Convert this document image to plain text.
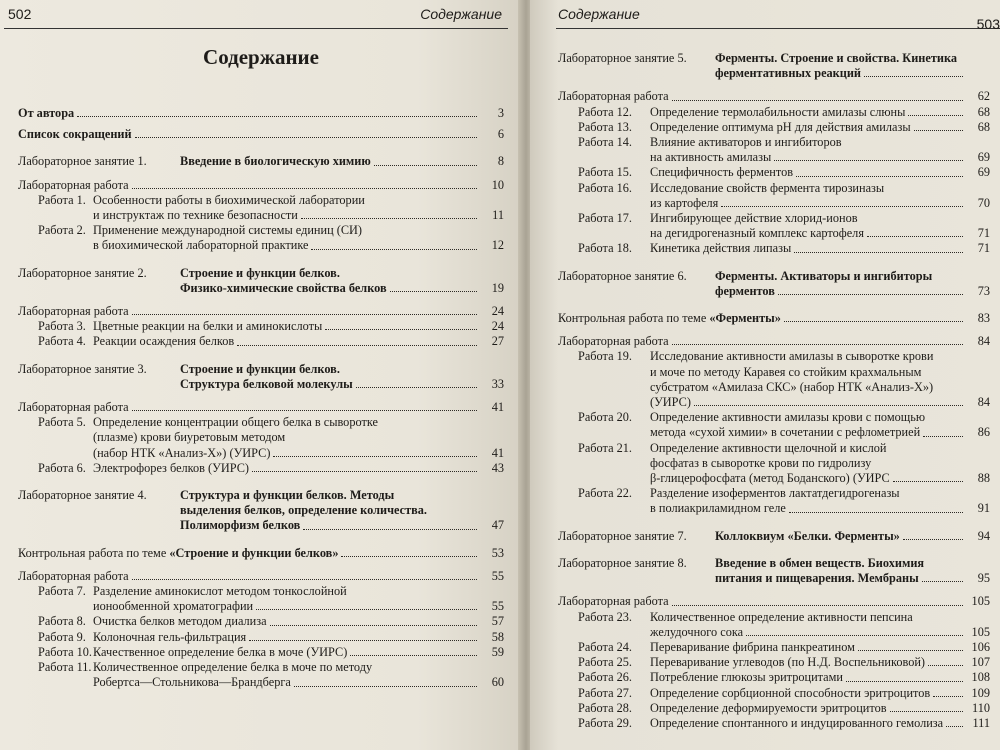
502	Содержание
Содержание
От автора	3
Список сокращений	6
Лабораторное занятие 1.	Введение в биологическую химию	8
Лабораторная работа	10
Работа 1. Особенности работы в биохимической лаборатории
и инструктаж по технике безопасности	11
Работа 2. Применение международной системы единиц (СИ)
в биохимической лабораторной практике	12
Лабораторное занятие 2.	Строение и функции белков.
Физико-химические свойства белков	19
Лабораторная работа	24
Работа 3. Цветные реакции на белки и аминокислоты	24
Работа 4. Реакции осаждения белков	27
Лабораторное занятие 3.	Строение и функции белков.
Структура белковой молекулы	33
Лабораторная работа	41
Работа 5. Определение концентрации общего белка в сыворотке
(плазме) крови биуретовым методом
(набор НТК «Анализ-Х») (УИРС)	41
Работа 6. Электрофорез белков (УИРС)	43
Лабораторное занятие 4.	Структура и функции белков. Методы
выделения белков, определение количества.
Полиморфизм белков	47
Контрольная работа по теме «Строение и функции белков»	53
Лабораторная работа	55
Работа 7. Разделение аминокислот методом тонкослойной
ионообменной хроматографии	55
Работа 8. Очистка белков методом диализа	57
Работа 9. Колоночная гель-фильтрация	58
Работа 10. Качественное определение белка в моче (УИРС)	59
Работа 11. Количественное определение белка в моче по методу
Робертса—Стольникова—Брандберга	60
Содержание
503
Лабораторное занятие 5.	Ферменты. Строение и свойства. Кинетика
ферментативных реакций
Лабораторная работа	62
Работа 12.	Определение термолабильности амилазы слюны	68
Работа 13.	Определение оптимума рН для действия амилазы	68
Работа 14.	Влияние активаторов и ингибиторов
на активность амилазы	69
Работа 15.	Специфичность ферментов	69
Работа 16.	Исследование свойств фермента тирозиназы
из картофеля	70
Работа 17.	Ингибирующее действие хлорид-ионов
на дегидрогеназный комплекс картофеля	71
Работа 18.	Кинетика действия липазы	71
Лабораторное занятие 6.	Ферменты. Активаторы и ингибиторы
ферментов	73
Контрольная работа по теме «Ферменты»	83
Лабораторная работа	84
Работа 19.	Исследование активности амилазы в сыворотке крови
и моче по методу Каравея со стойким крахмальным
субстратом «Амилаза СКС» (набор НТК «Анализ-Х»)
(УИРС)	84
Работа 20.	Определение активности амилазы крови с помощью
метода «сухой химии» в сочетании с рефлометрией	86
Работа 21.	Определение активности щелочной и кислой
фосфатаз в сыворотке крови по гидролизу
β-глицерофосфата (метод Боданского) (УИРС	88
Работа 22.	Разделение изоферментов лактатдегидрогеназы
в полиакриламидном геле	91
Лабораторное занятие 7.	Коллоквиум «Белки. Ферменты»	94
Лабораторное занятие 8.	Введение в обмен веществ. Биохимия
питания и пищеварения. Мембраны	95
Лабораторная работа	105
Работа 23.	Количественное определение активности пепсина
желудочного сока	105
Работа 24.	Переваривание фибрина панкреатином	106
Работа 25.	Переваривание углеводов (по Н.Д. Воспельниковой)	107
Работа 26.	Потребление глюкозы эритроцитами	108
Работа 27.	Определение сорбционной способности эритроцитов	109
Работа 28.	Определение деформируемости эритроцитов	110
Работа 29.	Определение спонтанного и индуцированного гемолиза	111
